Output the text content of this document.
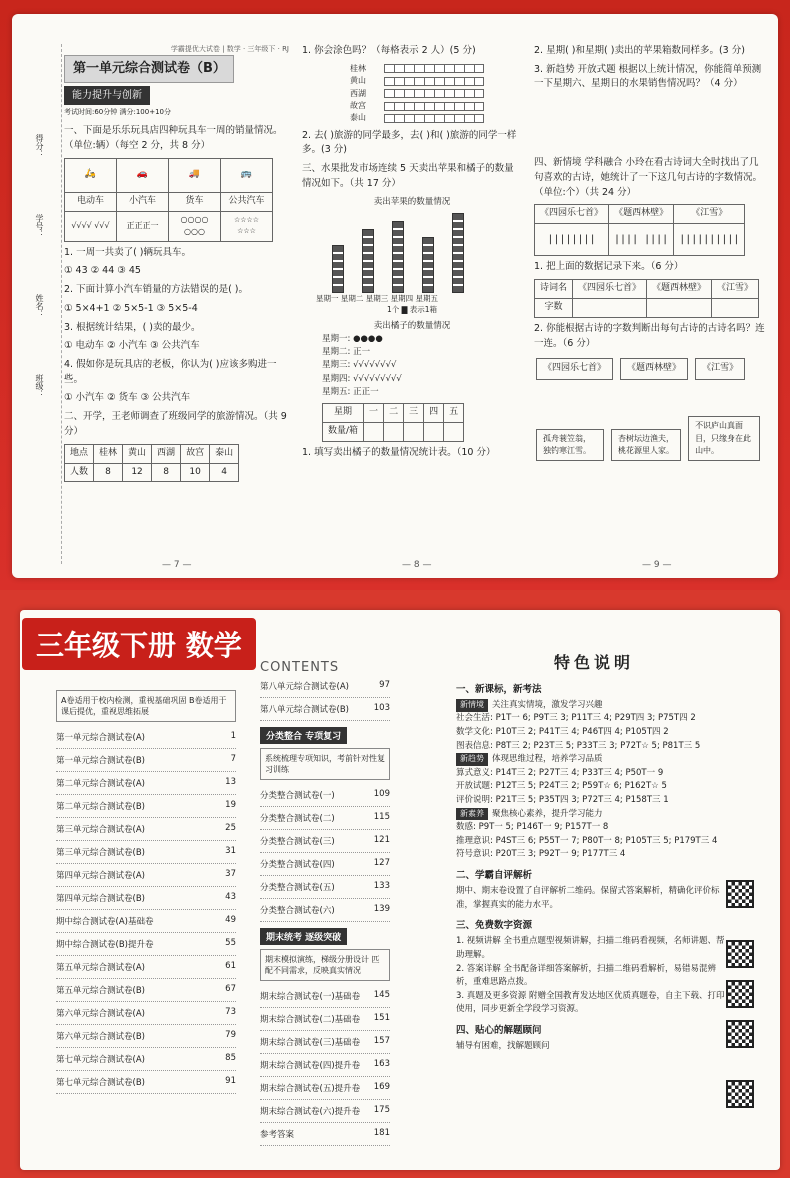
得分：
学号：
姓名：
班级：
学霸提优大试卷 | 数学 · 三年级下 · RJ
第一单元综合测试卷（B）
能力提升与创新
考试时间:60分钟 满分:100+10分

一、下面是乐乐玩具店四种玩具车一周的销量情况。（单位:辆）（每空 2 分，共 8 分）

🛵	🚗	🚚	🚌
电动车	小汽车	货车	公共汽车
√√√√ √√√	正正正一	○○○○ ○○○	☆☆☆☆ ☆☆☆

1. 一周一共卖了( )辆玩具车。

① 43 ② 44 ③ 45

2. 下面计算小汽车销量的方法错误的是( )。

① 5×4+1 ② 5×5-1 ③ 5×5-4

3. 根据统计结果，( )卖的最少。

① 电动车 ② 小汽车 ③ 公共汽车

4. 假如你是玩具店的老板，你认为( )应该多购进一些。

① 小汽车 ② 货车 ③ 公共汽车

二、开学，王老师调查了班级同学的旅游情况。（共 9 分）

地点	桂林	黄山	西湖	故宫	泰山
人数	8	12	8	10	4
— 7 —

1. 你会涂色吗？（每格表示 2 人）(5 分)

桂林
黄山
西湖
故宫
泰山

2. 去( )旅游的同学最多，去( )和( )旅游的同学一样多。(3 分)

三、水果批发市场连续 5 天卖出苹果和橘子的数量情况如下。（共 17 分）

卖出苹果的数量情况
星期一 星期二 星期三 星期四 星期五
1个 ▇ 表示1箱
卖出橘子的数量情况
星期一: ●●●●
星期二: 正一
星期三: √√√√√√√√
星期四: √√√√√√√√√
星期五: 正正一
星期	一	二	三	四	五
数量/箱					

1. 填写卖出橘子的数量情况统计表。（10 分）

— 8 —

2. 星期( )和星期( )卖出的苹果箱数同样多。(3 分)

3. 新趋势 开放式题 根据以上统计情况，你能简单预测一下星期六、星期日的水果销售情况吗？（4 分）

四、新情境 学科融合 小玲在看古诗词大全时找出了几句喜欢的古诗，她统计了一下这几句古诗的字数情况。（单位:个）（共 24 分）

《四园乐七首》	《题西林壁》	《江雪》
||||||||	|||| ||||	||||||||||

1. 把上面的数据记录下来。（6 分）

诗词名	《四园乐七首》	《题西林壁》	《江雪》
字数			

2. 你能根据古诗的字数判断出每句古诗的古诗名吗？连一连。（6 分）

《四园乐七首》 《题西林壁》 《江雪》
孤舟蓑笠翁，独钓寒江雪。 杏树坛边渔夫，桃花源里人家。 不识庐山真面目，只缘身在此山中。
— 9 —
A卷适用于校内检测，重视基础巩固 B卷适用于课后提优，重视思维拓展
第一单元综合测试卷(A)	1
第一单元综合测试卷(B)	7
第二单元综合测试卷(A)	13
第二单元综合测试卷(B)	19
第三单元综合测试卷(A)	25
第三单元综合测试卷(B)	31
第四单元综合测试卷(A)	37
第四单元综合测试卷(B)	43
期中综合测试卷(A)基础卷	49
期中综合测试卷(B)提升卷	55
第五单元综合测试卷(A)	61
第五单元综合测试卷(B)	67
第六单元综合测试卷(A)	73
第六单元综合测试卷(B)	79
第七单元综合测试卷(A)	85
第七单元综合测试卷(B)	91
CONTENTS
第八单元综合测试卷(A)	97
第八单元综合测试卷(B)	103
分类整合 专项复习
系统梳理专项知识，考前针对性复习训练
分类整合测试卷(一)	109
分类整合测试卷(二)	115
分类整合测试卷(三)	121
分类整合测试卷(四)	127
分类整合测试卷(五)	133
分类整合测试卷(六)	139
期末统考 逐级突破
期末模拟演练，梯级分册设计 匹配不同需求，反映真实情况
期末综合测试卷(一)基础卷 145
期末综合测试卷(二)基础卷 151
期末综合测试卷(三)基础卷 157
期末综合测试卷(四)提升卷 163
期末综合测试卷(五)提升卷 169
期末综合测试卷(六)提升卷 175
参考答案	181
特色说明
一、新课标，新考法
新情境 关注真实情境，激发学习兴趣
社会生活: P1T一 6; P9T三 3; P11T三 4; P29T四 3; P75T四 2
数学文化: P10T三 2; P41T三 4; P46T四 4; P105T四 2
图表信息: P8T三 2; P23T三 5; P33T三 3; P72T☆ 5; P81T三 5
新趋势 体现思维过程，培养学习品质
算式意义: P14T三 2; P27T三 4; P33T三 4; P50T一 9
开放试题: P12T三 5; P24T三 2; P59T☆ 6; P162T☆ 5
评价说明: P21T三 5; P35T四 3; P72T三 4; P158T三 1
新素养 聚焦核心素养，提升学习能力
数感: P9T一 5; P146T一 9; P157T一 8
推理意识: P4ST三 6; P55T一 7; P80T一 8; P105T三 5; P179T三 4
符号意识: P20T三 3; P92T一 9; P177T三 4
二、学霸自评解析
期中、期末卷设置了自评解析二维码。保留式答案解析，精确化评价标准，掌握真实的能力水平。
三、免费数字资源
1. 视频讲解 全书重点题型视频讲解，扫描二维码看视频，名师讲题、帮助理解。
2. 答案详解 全书配备详细答案解析，扫描二维码看解析，易错易混辨析，重难思路点拨。
3. 真题及更多资源 附赠全国教育发达地区优质真题卷，自主下载、打印使用，同步更新全学段学习资源。
四、贴心的解题顾问
辅导有困难，找解题顾问
三年级下册 数学
